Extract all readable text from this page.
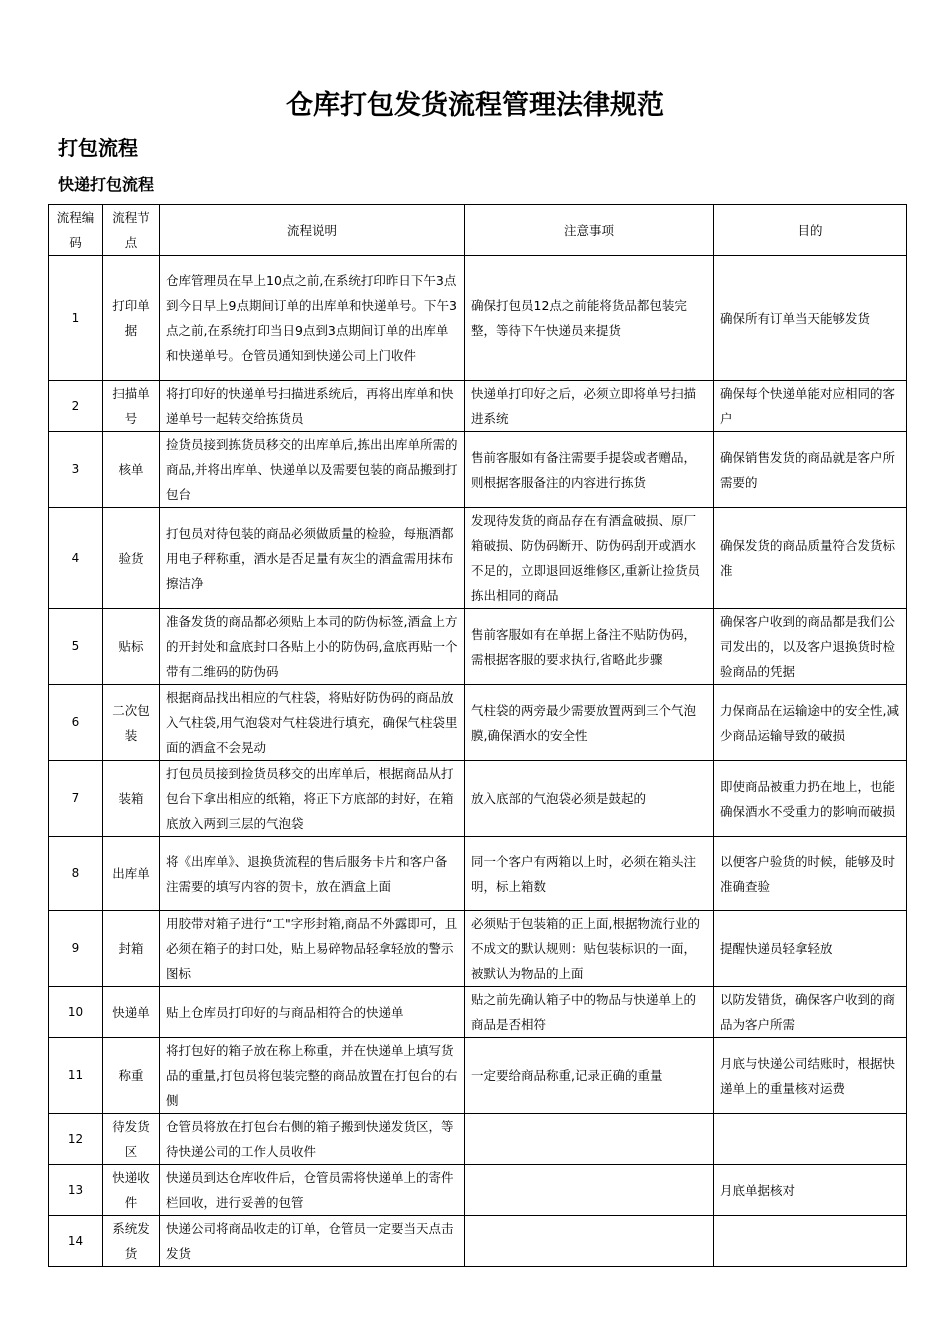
仓库打包发货流程管理法律规范
打包流程
快递打包流程
流程编码	流程节点	流程说明	注意事项	目的
1	打印单据	仓库管理员在早上10点之前,在系统打印昨日下午3点到今日早上9点期间订单的出库单和快递单号。下午3点之前,在系统打印当日9点到3点期间订单的出库单和快递单号。仓管员通知到快递公司上门收件	确保打包员12点之前能将货品都包装完整，等待下午快递员来提货	确保所有订单当天能够发货
2	扫描单号	将打印好的快递单号扫描进系统后，再将出库单和快递单号一起转交给拣货员	快递单打印好之后，必须立即将单号扫描进系统	确保每个快递单能对应相同的客户
3	核单	捡货员接到拣货员移交的出库单后,拣出出库单所需的商品,并将出库单、快递单以及需要包装的商品搬到打包台	售前客服如有备注需要手提袋或者赠品，则根据客服备注的内容进行拣货	确保销售发货的商品就是客户所需要的
4	验货	打包员对待包装的商品必须做质量的检验，每瓶酒都用电子秤称重，酒水是否足量有灰尘的酒盒需用抹布擦洁净	发现待发货的商品存在有酒盒破损、原厂箱破损、防伪码断开、防伪码刮开或酒水不足的，立即退回返维修区,重新让捡货员拣出相同的商品	确保发货的商品质量符合发货标准
5	贴标	准备发货的商品都必须贴上本司的防伪标签,酒盒上方的开封处和盒底封口各贴上小的防伪码,盒底再贴一个带有二维码的防伪码	售前客服如有在单据上备注不贴防伪码，需根据客服的要求执行,省略此步骤	确保客户收到的商品都是我们公司发出的，以及客户退换货时检验商品的凭据
6	二次包装	根据商品找出相应的气柱袋，将贴好防伪码的商品放入气柱袋,用气泡袋对气柱袋进行填充，确保气柱袋里面的酒盒不会晃动	气柱袋的两旁最少需要放置两到三个气泡膜,确保酒水的安全性	力保商品在运输途中的安全性,减少商品运输导致的破损
7	装箱	打包员员接到捡货员移交的出库单后，根据商品从打包台下拿出相应的纸箱，将正下方底部的封好，在箱底放入两到三层的气泡袋	放入底部的气泡袋必须是鼓起的	即使商品被重力扔在地上，也能确保酒水不受重力的影响而破损
8	出库单	将《出库单》、退换货流程的售后服务卡片和客户备注需要的填写内容的贺卡，放在酒盒上面	同一个客户有两箱以上时，必须在箱头注明，标上箱数	以便客户验货的时候，能够及时准确查验
9	封箱	用胶带对箱子进行“工"字形封箱,商品不外露即可，且必须在箱子的封口处，贴上易碎物品轻拿轻放的警示图标	必须贴于包装箱的正上面,根据物流行业的不成文的默认规则：贴包装标识的一面，被默认为物品的上面	提醒快递员轻拿轻放
10	快递单	贴上仓库员打印好的与商品相符合的快递单	贴之前先确认箱子中的物品与快递单上的商品是否相符	以防发错货，确保客户收到的商品为客户所需
11	称重	将打包好的箱子放在称上称重，并在快递单上填写货品的重量,打包员将包装完整的商品放置在打包台的右侧	一定要给商品称重,记录正确的重量	月底与快递公司结账时，根据快递单上的重量核对运费
12	待发货区	仓管员将放在打包台右侧的箱子搬到快递发货区，等待快递公司的工作人员收件		
13	快递收件	快递员到达仓库收件后，仓管员需将快递单上的寄件栏回收，进行妥善的包管		月底单据核对
14	系统发货	快递公司将商品收走的订单，仓管员一定要当天点击发货		
